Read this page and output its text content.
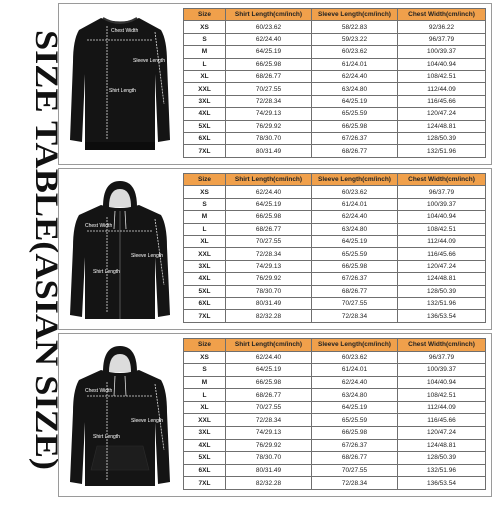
SIZE TABLE(ASIAN SIZE)	Chest Width
Shirt Length
Sleeve Length
Size	Shirt Length(cm/inch)	Sleeve Length(cm/inch)	Chest Width(cm/inch)
XS	60/23.62	58/22.83	92/36.22
S	62/24.40	59/23.22	96/37.79
M	64/25.19	60/23.62	100/39.37
L	66/25.98	61/24.01	104/40.94
XL	68/26.77	62/24.40	108/42.51
XXL	70/27.55	63/24.80	112/44.09
3XL	72/28.34	64/25.19	116/45.66
4XL	74/29.13	65/25.59	120/47.24
5XL	76/29.92	66/25.98	124/48.81
6XL	78/30.70	67/26.37	128/50.39
7XL	80/31.49	68/26.77	132/51.96
Chest Width
Shirt Length
Sleeve Length
Size	Shirt Length(cm/inch)	Sleeve Length(cm/inch)	Chest Width(cm/inch)
XS	62/24.40	60/23.62	96/37.79
S	64/25.19	61/24.01	100/39.37
M	66/25.98	62/24.40	104/40.94
L	68/26.77	63/24.80	108/42.51
XL	70/27.55	64/25.19	112/44.09
XXL	72/28.34	65/25.59	116/45.66
3XL	74/29.13	66/25.98	120/47.24
4XL	76/29.92	67/26.37	124/48.81
5XL	78/30.70	68/26.77	128/50.39
6XL	80/31.49	70/27.55	132/51.96
7XL	82/32.28	72/28.34	136/53.54
Chest Width
Shirt Length
Sleeve Length
Size	Shirt Length(cm/inch)	Sleeve Length(cm/inch)	Chest Width(cm/inch)
XS	62/24.40	60/23.62	96/37.79
S	64/25.19	61/24.01	100/39.37
M	66/25.98	62/24.40	104/40.94
L	68/26.77	63/24.80	108/42.51
XL	70/27.55	64/25.19	112/44.09
XXL	72/28.34	65/25.59	116/45.66
3XL	74/29.13	66/25.98	120/47.24
4XL	76/29.92	67/26.37	124/48.81
5XL	78/30.70	68/26.77	128/50.39
6XL	80/31.49	70/27.55	132/51.96
7XL	82/32.28	72/28.34	136/53.54
